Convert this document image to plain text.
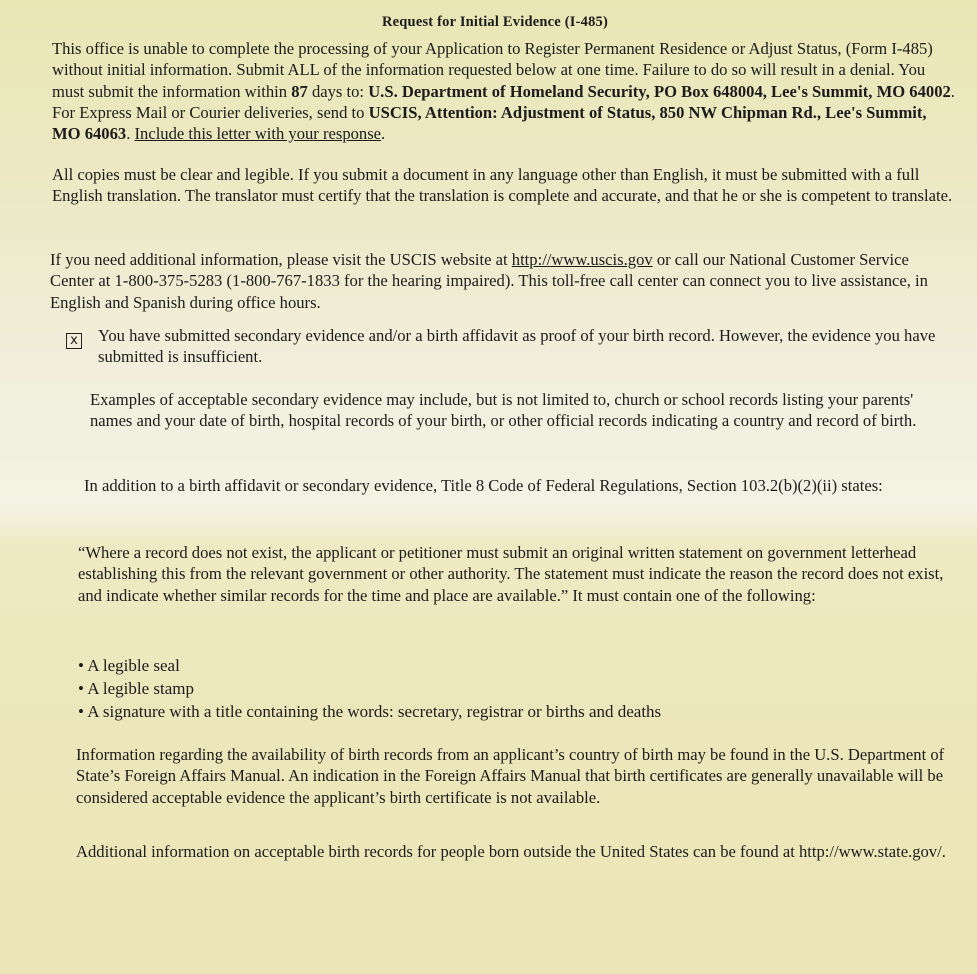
Request for Initial Evidence (I-485)
This office is unable to complete the processing of your Application to Register Permanent Residence or Adjust Status, (Form I-485) without initial information. Submit ALL of the information requested below at one time. Failure to do so will result in a denial. You must submit the information within 87 days to: U.S. Department of Homeland Security, PO Box 648004, Lee's Summit, MO 64002. For Express Mail or Courier deliveries, send to USCIS, Attention: Adjustment of Status, 850 NW Chipman Rd., Lee's Summit, MO 64063. Include this letter with your response.
All copies must be clear and legible. If you submit a document in any language other than English, it must be submitted with a full English translation. The translator must certify that the translation is complete and accurate, and that he or she is competent to translate.
If you need additional information, please visit the USCIS website at http://www.uscis.gov or call our National Customer Service Center at 1-800-375-5283 (1-800-767-1833 for the hearing impaired). This toll-free call center can connect you to live assistance, in English and Spanish during office hours.
x You have submitted secondary evidence and/or a birth affidavit as proof of your birth record. However, the evidence you have submitted is insufficient.
Examples of acceptable secondary evidence may include, but is not limited to, church or school records listing your parents' names and your date of birth, hospital records of your birth, or other official records indicating a country and record of birth.
In addition to a birth affidavit or secondary evidence, Title 8 Code of Federal Regulations, Section 103.2(b)(2)(ii) states:
“Where a record does not exist, the applicant or petitioner must submit an original written statement on government letterhead establishing this from the relevant government or other authority. The statement must indicate the reason the record does not exist, and indicate whether similar records for the time and place are available.” It must contain one of the following:
• A legible seal
• A legible stamp
• A signature with a title containing the words: secretary, registrar or births and deaths
Information regarding the availability of birth records from an applicant’s country of birth may be found in the U.S. Department of State’s Foreign Affairs Manual. An indication in the Foreign Affairs Manual that birth certificates are generally unavailable will be considered acceptable evidence the applicant’s birth certificate is not available.
Additional information on acceptable birth records for people born outside the United States can be found at http://www.state.gov/.
